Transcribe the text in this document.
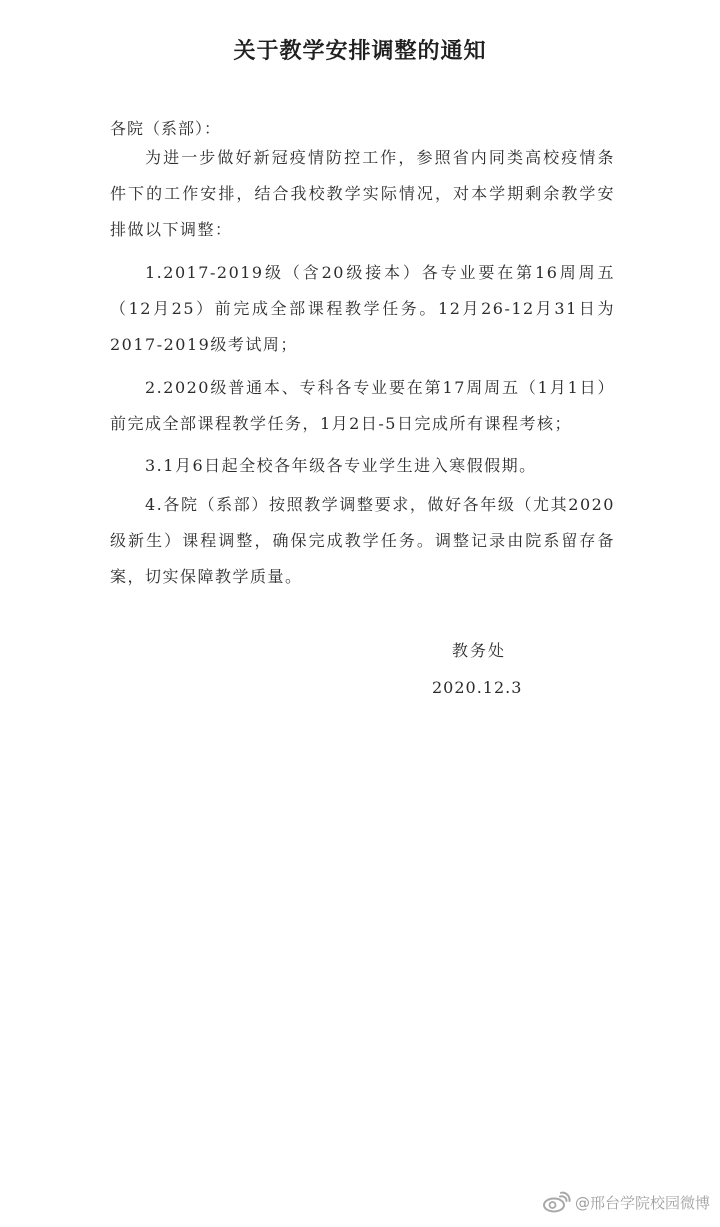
关于教学安排调整的通知
各院（系部）：
为进一步做好新冠疫情防控工作，参照省内同类高校疫情条件下的工作安排，结合我校教学实际情况，对本学期剩余教学安排做以下调整：
1.2017-2019级（含20级接本）各专业要在第16周周五（12月25）前完成全部课程教学任务。12月26-12月31日为2017-2019级考试周；
2.2020级普通本、专科各专业要在第17周周五（1月1日）前完成全部课程教学任务，1月2日-5日完成所有课程考核；
3.1月6日起全校各年级各专业学生进入寒假假期。
4.各院（系部）按照教学调整要求，做好各年级（尤其2020级新生）课程调整，确保完成教学任务。调整记录由院系留存备案，切实保障教学质量。
教务处
2020.12.3
@邢台学院校园微博
